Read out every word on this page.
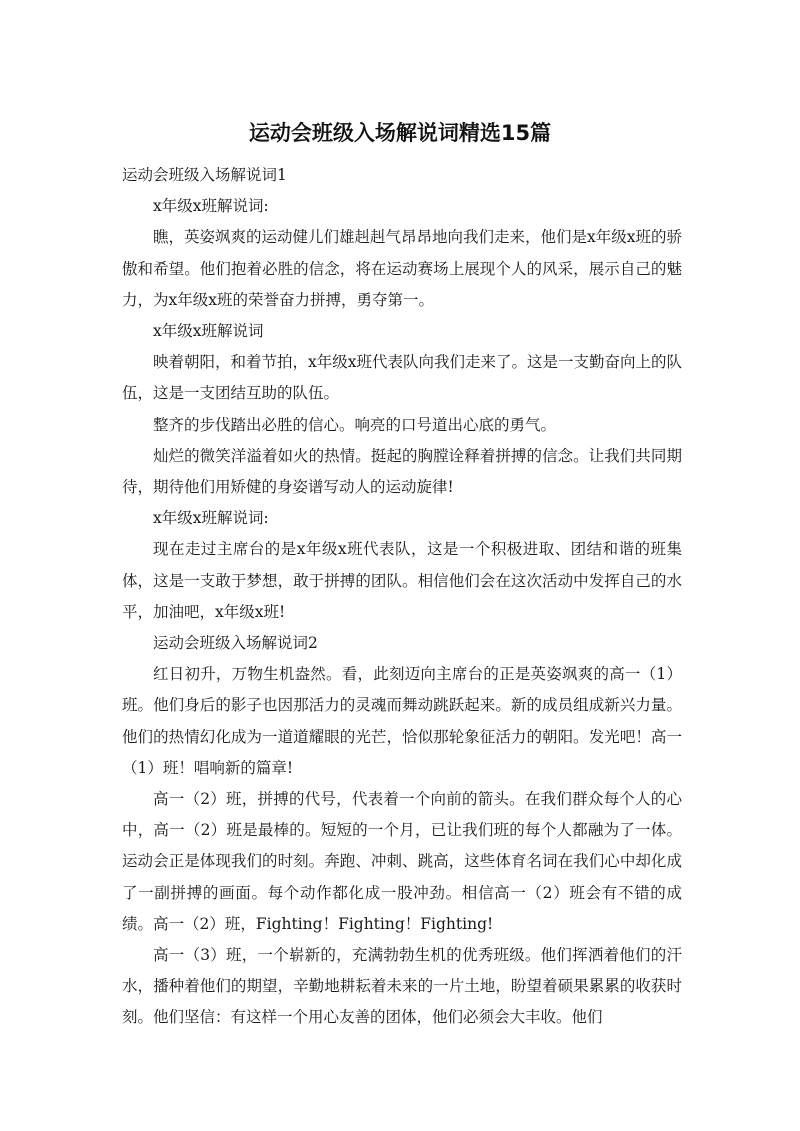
运动会班级入场解说词精选15篇

运动会班级入场解说词1

x年级x班解说词:

瞧，英姿飒爽的运动健儿们雄赳赳气昂昂地向我们走来，他们是x年级x班的骄傲和希望。他们抱着必胜的信念，将在运动赛场上展现个人的风采，展示自己的魅力，为x年级x班的荣誉奋力拼搏，勇夺第一。

x年级x班解说词

映着朝阳，和着节拍，x年级x班代表队向我们走来了。这是一支勤奋向上的队伍，这是一支团结互助的队伍。

整齐的步伐踏出必胜的信心。响亮的口号道出心底的勇气。

灿烂的微笑洋溢着如火的热情。挺起的胸膛诠释着拼搏的信念。让我们共同期待，期待他们用矫健的身姿谱写动人的运动旋律!

x年级x班解说词:

现在走过主席台的是x年级x班代表队，这是一个积极进取、团结和谐的班集体，这是一支敢于梦想，敢于拼搏的团队。相信他们会在这次活动中发挥自己的水平，加油吧，x年级x班!

运动会班级入场解说词2

红日初升，万物生机盎然。看，此刻迈向主席台的正是英姿飒爽的高一（1）班。他们身后的影子也因那活力的灵魂而舞动跳跃起来。新的成员组成新兴力量。他们的热情幻化成为一道道耀眼的光芒，恰似那轮象征活力的朝阳。发光吧！高一（1）班！唱响新的篇章!

高一（2）班，拼搏的代号，代表着一个向前的箭头。在我们群众每个人的心中，高一（2）班是最棒的。短短的一个月，已让我们班的每个人都融为了一体。运动会正是体现我们的时刻。奔跑、冲刺、跳高，这些体育名词在我们心中却化成了一副拼搏的画面。每个动作都化成一股冲劲。相信高一（2）班会有不错的成绩。高一（2）班，Fighting！Fighting！Fighting!

高一（3）班，一个崭新的，充满勃勃生机的优秀班级。他们挥洒着他们的汗水，播种着他们的期望，辛勤地耕耘着未来的一片土地，盼望着硕果累累的收获时刻。他们坚信：有这样一个用心友善的团体，他们必须会大丰收。他们
